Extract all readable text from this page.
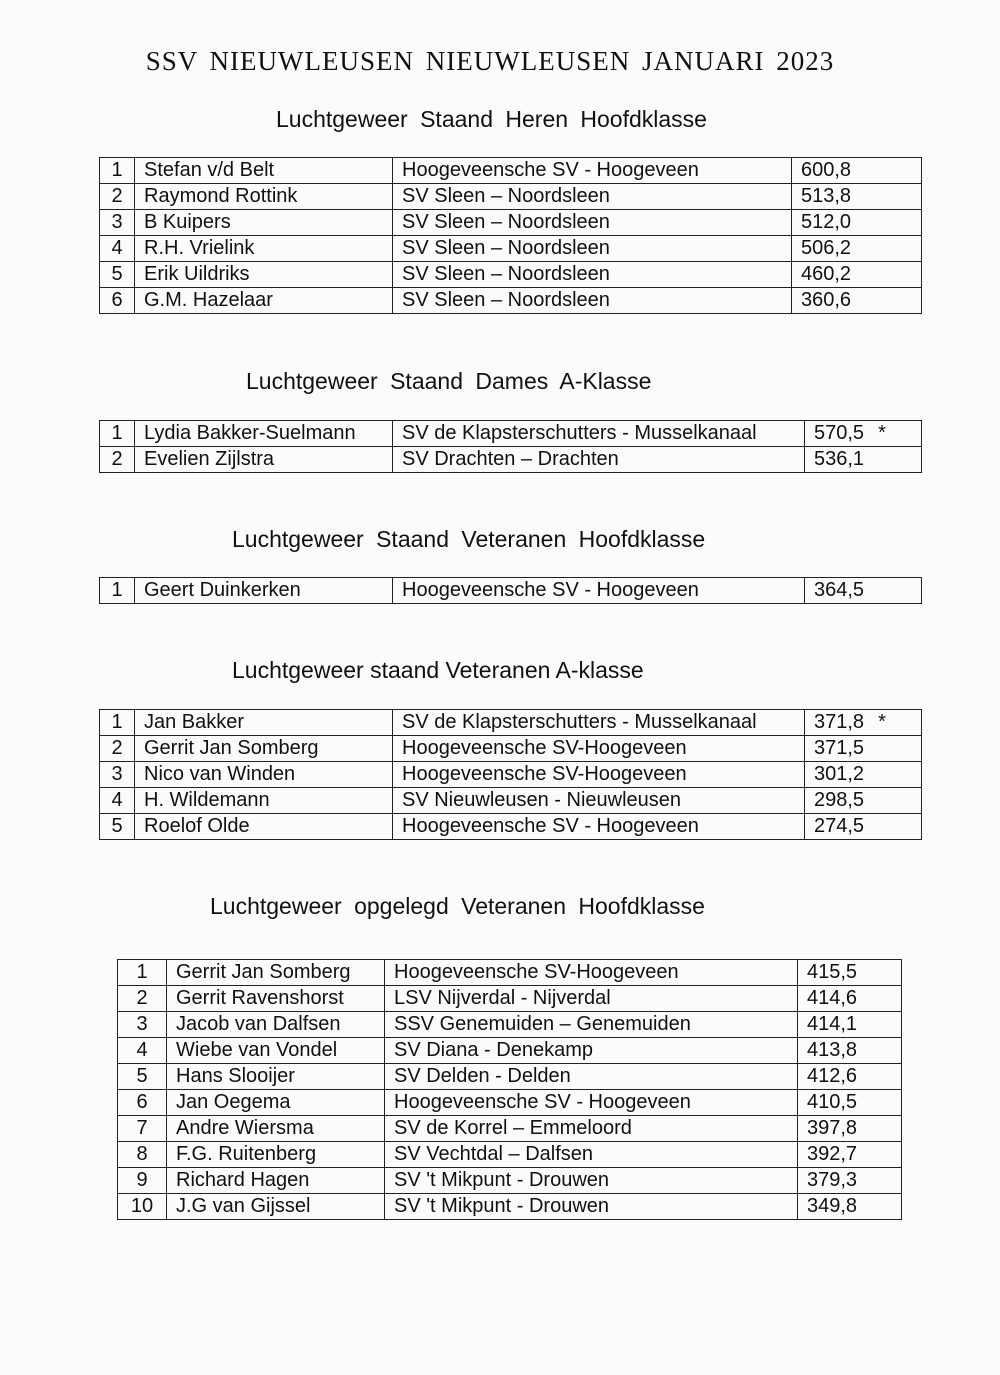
SSV NIEUWLEUSEN NIEUWLEUSEN JANUARI 2023
Luchtgeweer Staand Heren Hoofdklasse
1	Stefan v/d Belt	Hoogeveensche SV - Hoogeveen	600,8
2	Raymond Rottink	SV Sleen – Noordsleen	513,8
3	B Kuipers	SV Sleen – Noordsleen	512,0
4	R.H. Vrielink	SV Sleen – Noordsleen	506,2
5	Erik Uildriks	SV Sleen – Noordsleen	460,2
6	G.M. Hazelaar	SV Sleen – Noordsleen	360,6
Luchtgeweer Staand Dames A-Klasse
1	Lydia Bakker-Suelmann	SV de Klapsterschutters - Musselkanaal	570,5 *
2	Evelien Zijlstra	SV Drachten – Drachten	536,1
Luchtgeweer Staand Veteranen Hoofdklasse
1	Geert Duinkerken	Hoogeveensche SV - Hoogeveen	364,5
Luchtgeweer staand Veteranen A-klasse
1	Jan Bakker	SV de Klapsterschutters - Musselkanaal	371,8 *
2	Gerrit Jan Somberg	Hoogeveensche SV-Hoogeveen	371,5
3	Nico van Winden	Hoogeveensche SV-Hoogeveen	301,2
4	H. Wildemann	SV Nieuwleusen - Nieuwleusen	298,5
5	Roelof Olde	Hoogeveensche SV - Hoogeveen	274,5
Luchtgeweer opgelegd Veteranen Hoofdklasse
1	Gerrit Jan Somberg	Hoogeveensche SV-Hoogeveen	415,5
2	Gerrit Ravenshorst	LSV Nijverdal - Nijverdal	414,6
3	Jacob van Dalfsen	SSV Genemuiden – Genemuiden	414,1
4	Wiebe van Vondel	SV Diana - Denekamp	413,8
5	Hans Slooijer	SV Delden - Delden	412,6
6	Jan Oegema	Hoogeveensche SV - Hoogeveen	410,5
7	Andre Wiersma	SV de Korrel – Emmeloord	397,8
8	F.G. Ruitenberg	SV Vechtdal – Dalfsen	392,7
9	Richard Hagen	SV 't Mikpunt - Drouwen	379,3
10	J.G van Gijssel	SV 't Mikpunt - Drouwen	349,8
